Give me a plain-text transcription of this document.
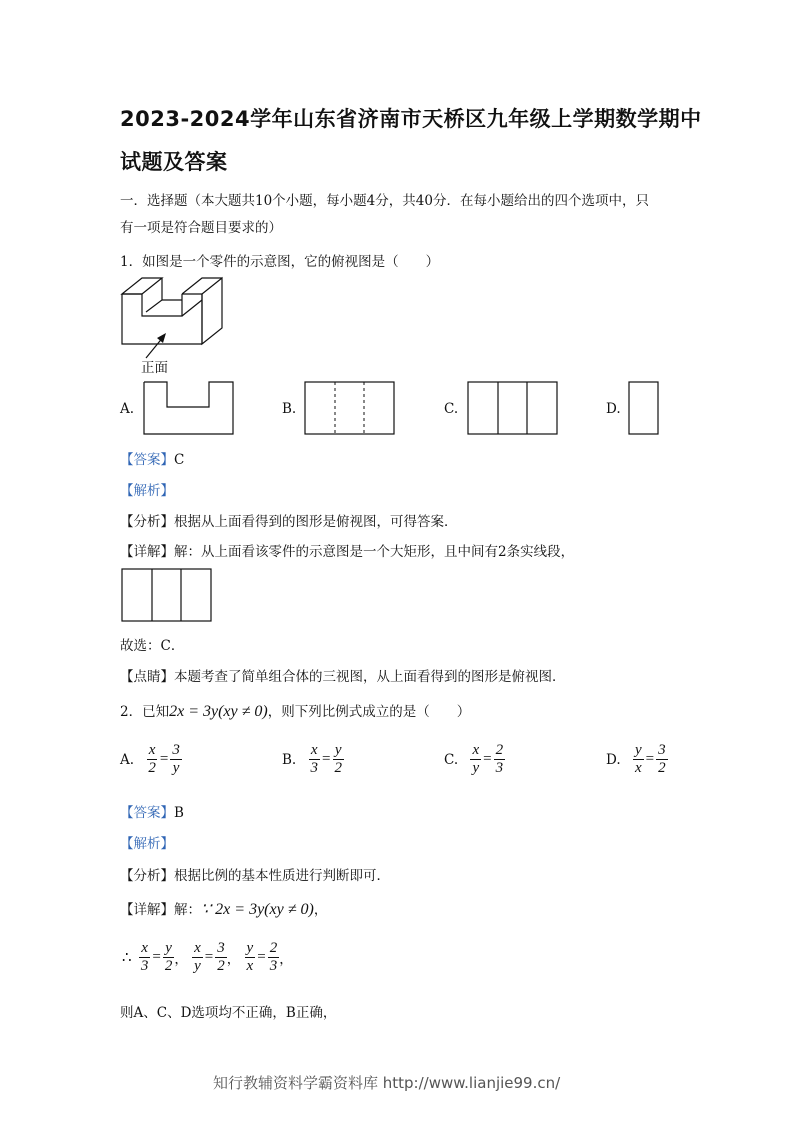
2023-2024学年山东省济南市天桥区九年级上学期数学期中
试题及答案
一．选择题（本大题共10个小题，每小题4分，共40分．在每小题给出的四个选项中，只
有一项是符合题目要求的）
1．如图是一个零件的示意图，它的俯视图是（　　）
正面
A.	B.	C.	D.
【答案】C
【解析】
【分析】根据从上面看得到的图形是俯视图，可得答案．
【详解】解：从上面看该零件的示意图是一个大矩形，且中间有2条实线段，
故选：C．
【点睛】本题考查了简单组合体的三视图，从上面看得到的图形是俯视图．
2．已知2x = 3y(xy ≠ 0)，则下列比例式成立的是（　　）
A. $\frac{x}{2} = \frac{3}{y}$	B. $\frac{x}{3} = \frac{y}{2}$	C. $\frac{x}{y} = \frac{2}{3}$	D. $\frac{y}{x} = \frac{3}{2}$
【答案】B
【解析】
【分析】根据比例的基本性质进行判断即可．
【详解】解：∵ 2x = 3y(xy ≠ 0)，
∴ $\frac{x}{3} = \frac{y}{2}$ ， $\frac{x}{y} = \frac{3}{2}$ ， $\frac{y}{x} = \frac{2}{3}$ ，
则A、C、D选项均不正确，B正确，
知行教辅资料学霸资料库 http://www.lianjie99.cn/
